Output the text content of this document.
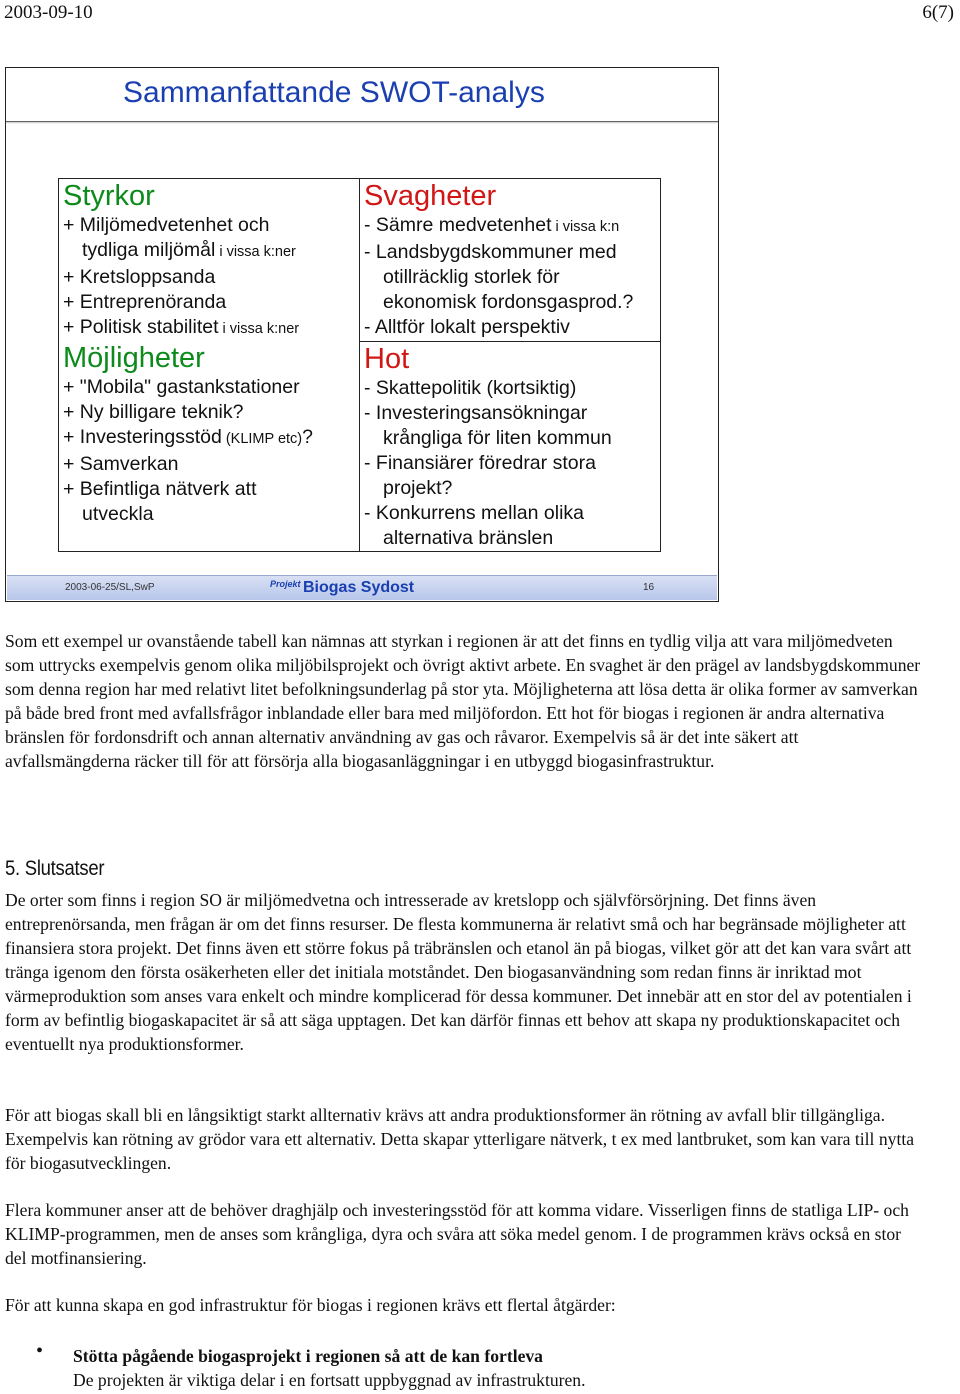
2003-09-10	6(7)
Sammanfattande SWOT-analys
Styrkor
+ Miljömedvetenhet och
tydliga miljömål i vissa k:ner
+ Kretsloppsanda
+ Entreprenöranda
+ Politisk stabilitet i vissa k:ner
Svagheter
- Sämre medvetenhet i vissa k:n
- Landsbygdskommuner med
otillräcklig storlek för
ekonomisk fordonsgasprod.?
- Alltför lokalt perspektiv
Möjligheter
+ "Mobila" gastankstationer
+ Ny billigare teknik?
+ Investeringsstöd (KLIMP etc)?
+ Samverkan
+ Befintliga nätverk att
utveckla
Hot
- Skattepolitik (kortsiktig)
- Investeringsansökningar
krångliga för liten kommun
- Finansiärer föredrar stora
projekt?
- Konkurrens mellan olika
alternativa bränslen
2003-06-25/SL,SwP	Projekt Biogas Sydost	16

Som ett exempel ur ovanstående tabell kan nämnas att styrkan i regionen är att det finns en tydlig vilja att vara miljömedveten som uttrycks exempelvis genom olika miljöbilsprojekt och övrigt aktivt arbete. En svaghet är den prägel av landsbygdskommuner som denna region har med relativt litet befolkningsunderlag på stor yta. Möjligheterna att lösa detta är olika former av samverkan på både bred front med avfallsfrågor inblandade eller bara med miljöfordon. Ett hot för biogas i regionen är andra alternativa bränslen för fordonsdrift och annan alternativ användning av gas och råvaror. Exempelvis så är det inte säkert att avfallsmängderna räcker till för att försörja alla biogasanläggningar i en utbyggd biogasinfrastruktur.

5. Slutsatser

De orter som finns i region SO är miljömedvetna och intresserade av kretslopp och självförsörjning. Det finns även entreprenörsanda, men frågan är om det finns resurser. De flesta kommunerna är relativt små och har begränsade möjligheter att finansiera stora projekt. Det finns även ett större fokus på träbränslen och etanol än på biogas, vilket gör att det kan vara svårt att tränga igenom den första osäkerheten eller det initiala motståndet. Den biogasanvändning som redan finns är inriktad mot värmeproduktion som anses vara enkelt och mindre komplicerad för dessa kommuner. Det innebär att en stor del av potentialen i form av befintlig biogaskapacitet är så att säga upptagen. Det kan därför finnas ett behov att skapa ny produktionskapacitet och eventuellt nya produktionsformer.

För att biogas skall bli en långsiktigt starkt allternativ krävs att andra produktionsformer än rötning av avfall blir tillgängliga. Exempelvis kan rötning av grödor vara ett alternativ. Detta skapar ytterligare nätverk, t ex med lantbruket, som kan vara till nytta för biogasutvecklingen.

Flera kommuner anser att de behöver draghjälp och investeringsstöd för att komma vidare. Visserligen finns de statliga LIP- och KLIMP-programmen, men de anses som krångliga, dyra och svåra att söka medel genom. I de programmen krävs också en stor del motfinansiering.

För att kunna skapa en god infrastruktur för biogas i regionen krävs ett flertal åtgärder:

• Stötta pågående biogasprojekt i regionen så att de kan fortleva
De projekten är viktiga delar i en fortsatt uppbyggnad av infrastrukturen.
